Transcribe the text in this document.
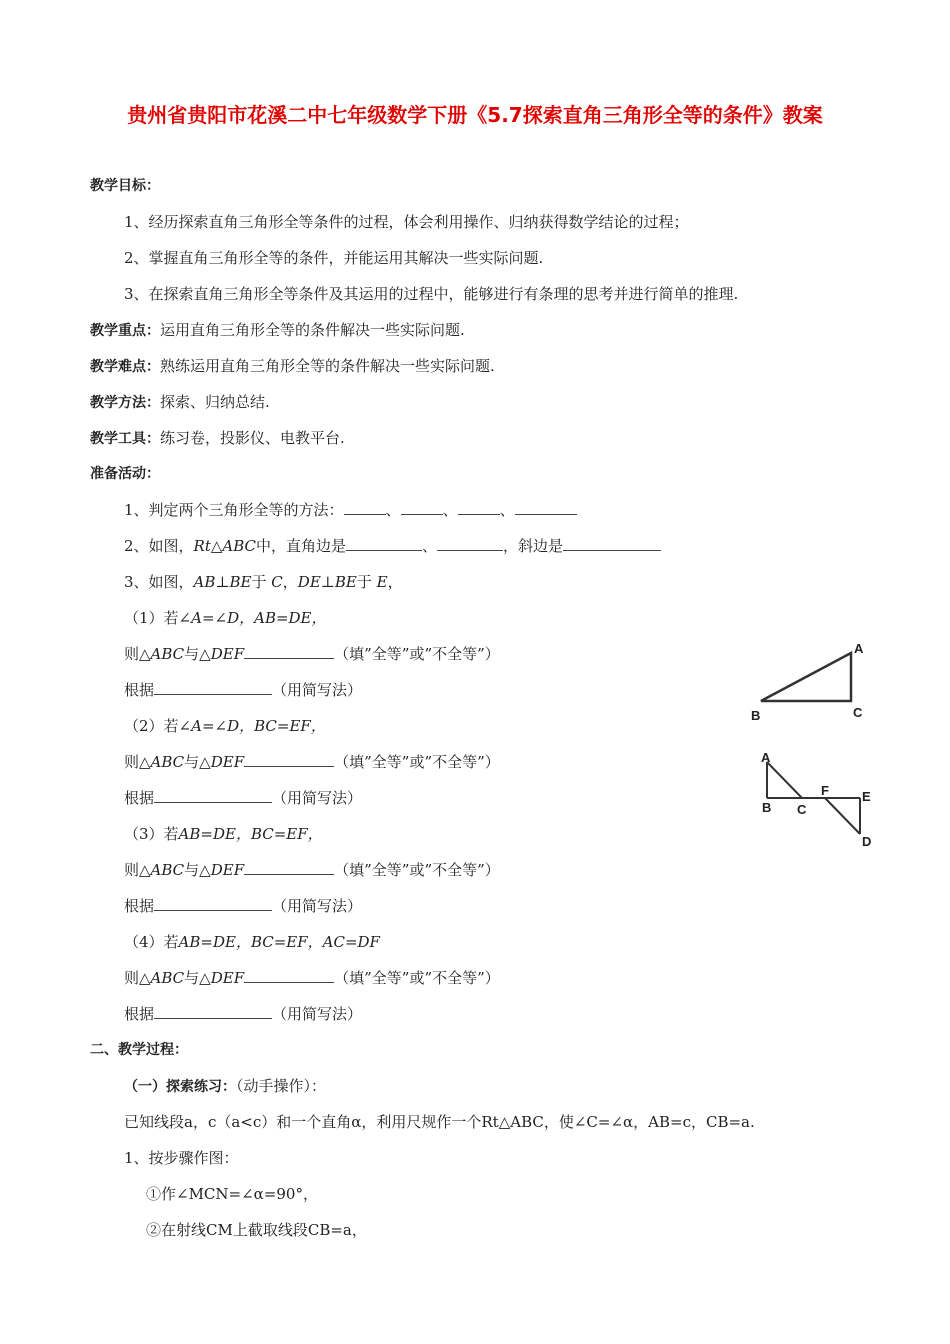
贵州省贵阳市花溪二中七年级数学下册《5.7探索直角三角形全等的条件》教案
教学目标：
1、经历探索直角三角形全等条件的过程，体会利用操作、归纳获得数学结论的过程；
2、掌握直角三角形全等的条件，并能运用其解决一些实际问题.
3、在探索直角三角形全等条件及其运用的过程中，能够进行有条理的思考并进行简单的推理.
教学重点：运用直角三角形全等的条件解决一些实际问题.
教学难点：熟练运用直角三角形全等的条件解决一些实际问题.
教学方法：探索、归纳总结.
教学工具：练习卷，投影仪、电教平台.
准备活动：
1、判定两个三角形全等的方法：	、	、	、
2、如图，Rt△ABC中，直角边是	、	，斜边是
3、如图，AB⊥BE于 C，DE⊥BE于 E，
（1）若∠A=∠D，AB=DE，
则△ABC与△DEF	（填”全等”或”不全等”）
根据	（用简写法）
（2）若∠A=∠D，BC=EF，
则△ABC与△DEF	（填”全等”或”不全等”）
根据	（用简写法）
（3）若AB=DE，BC=EF，
则△ABC与△DEF	（填”全等”或”不全等”）
根据	（用简写法）
（4）若AB=DE，BC=EF，AC=DF
则△ABC与△DEF	（填”全等”或”不全等”）
根据	（用简写法）
A
B	C
A
B C
F	E
D
二、教学过程：
（一）探索练习：（动手操作）：
已知线段a，c（a<c）和一个直角α，利用尺规作一个Rt△ABC，使∠C=∠α，AB=c，CB=a.
1、按步骤作图：
①作∠MCN=∠α=90°，
②在射线CM上截取线段CB=a，
